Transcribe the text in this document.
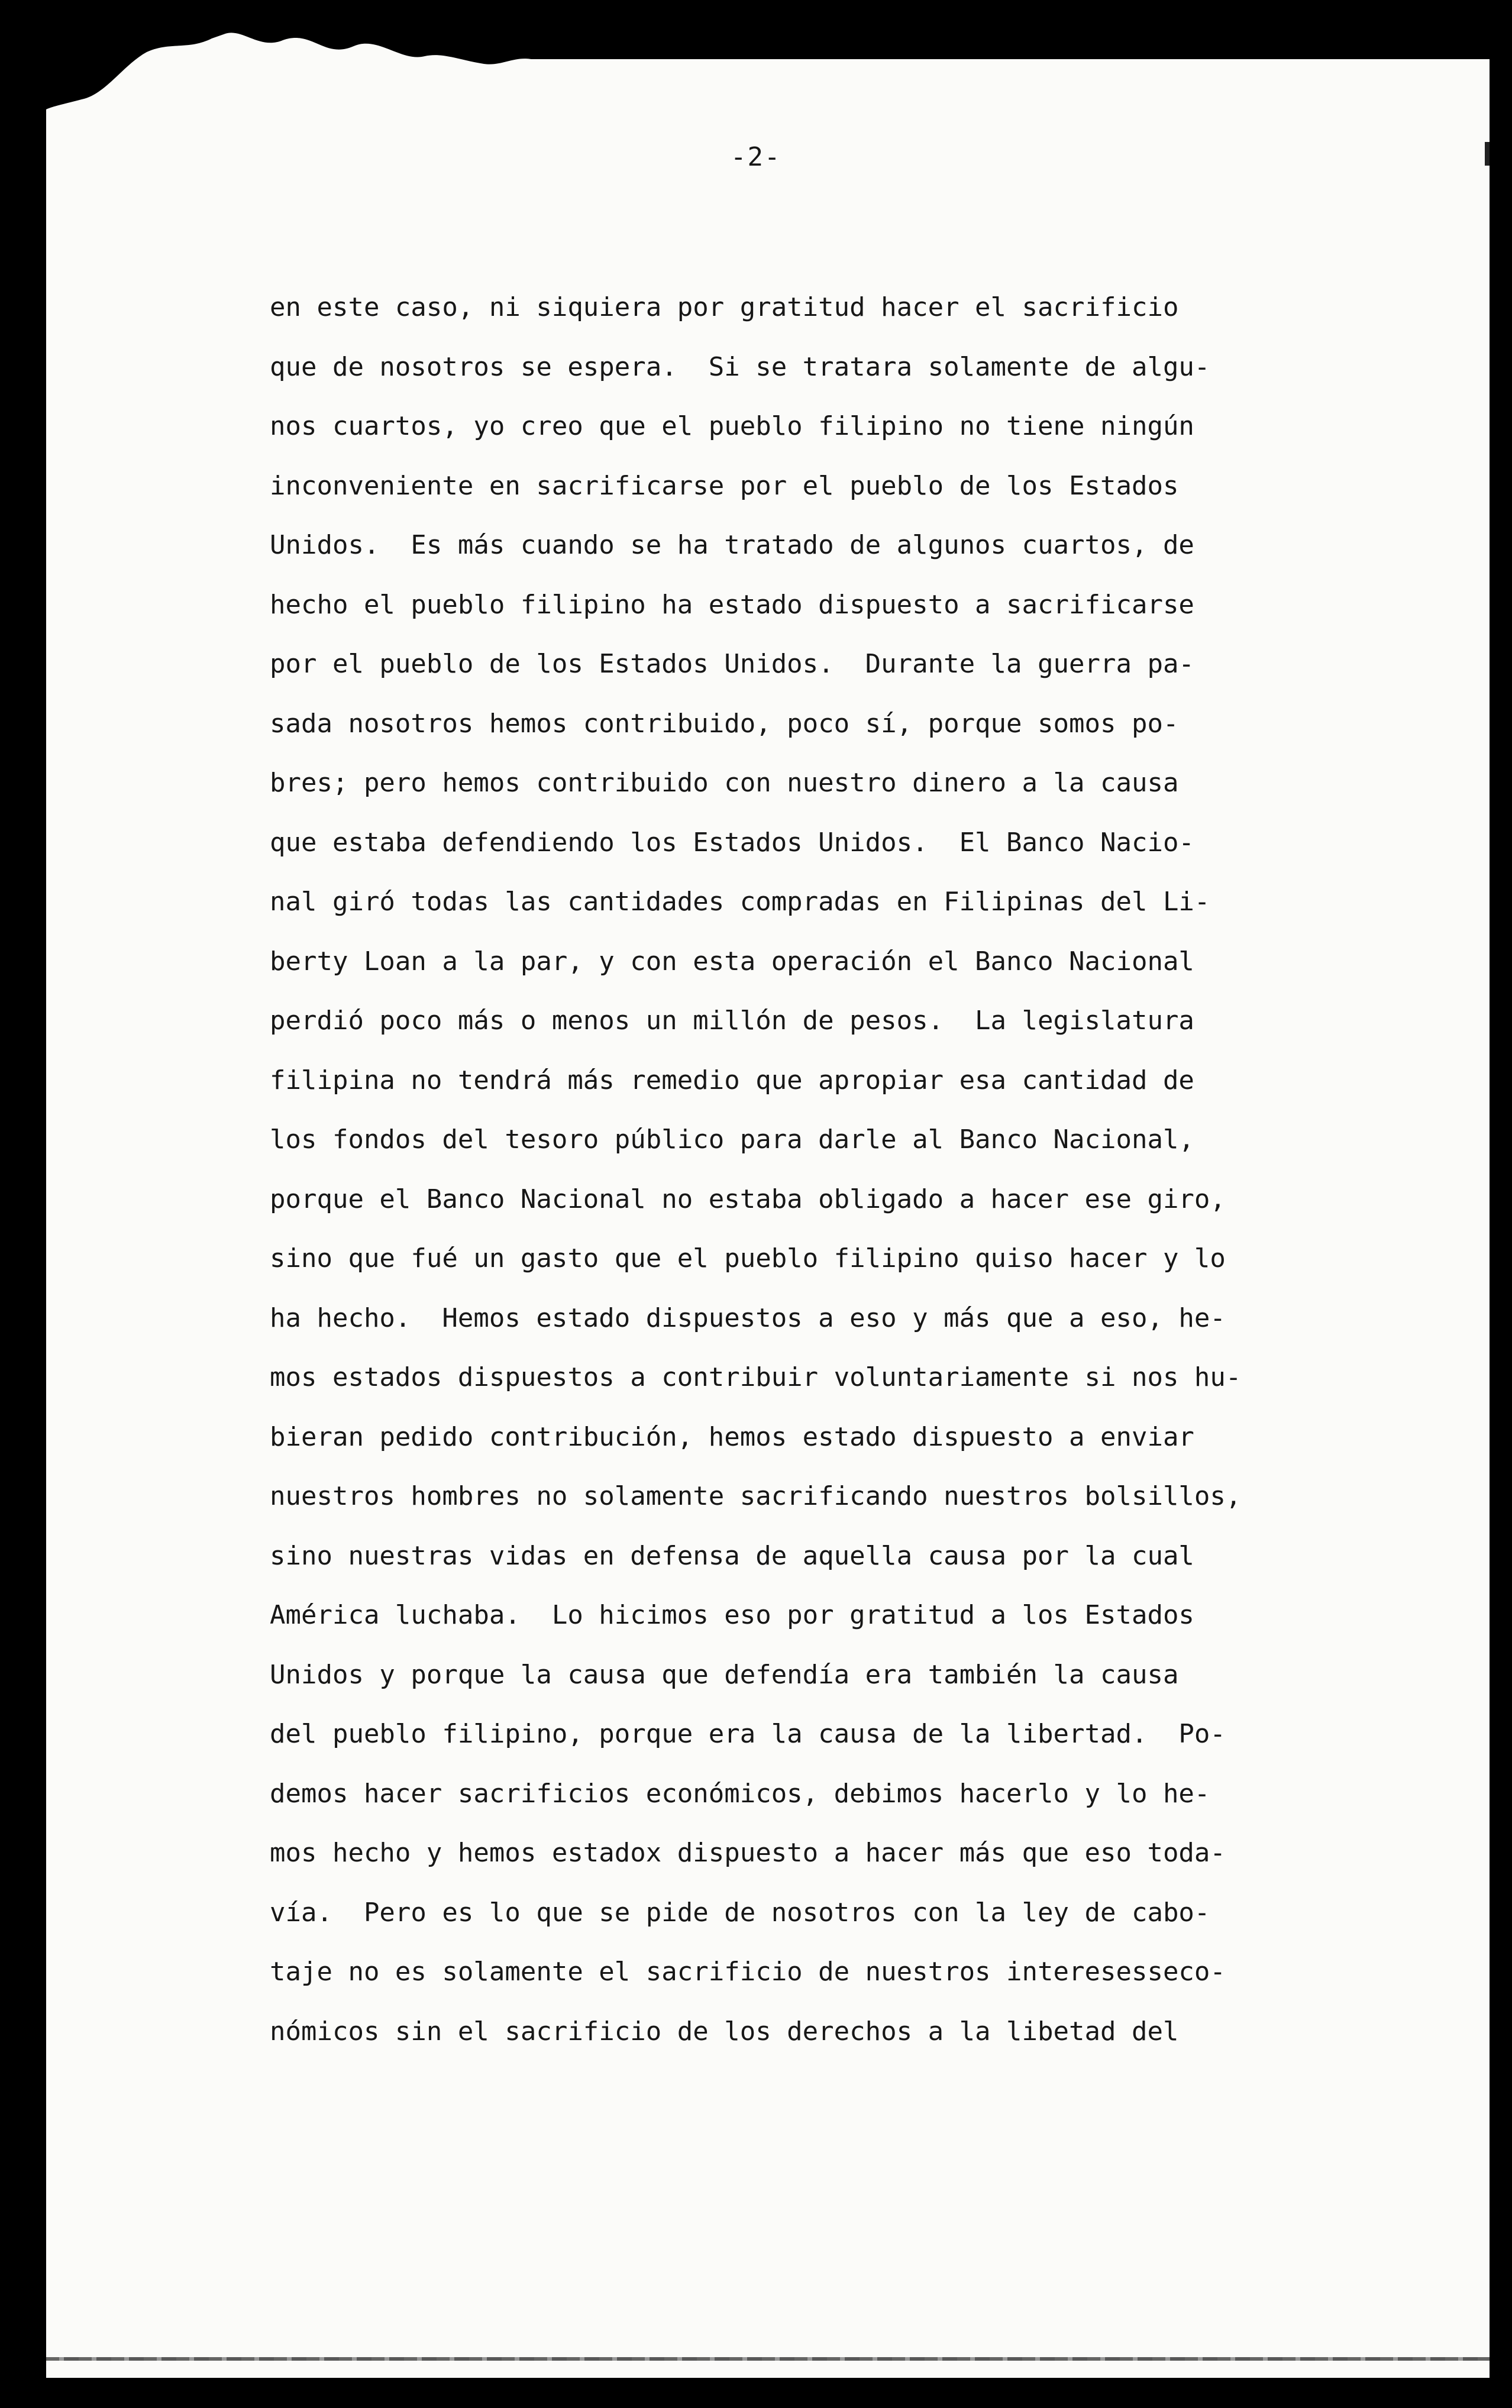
-2-
en este caso, ni siquiera por gratitud hacer el sacrificio
que de nosotros se espera.  Si se tratara solamente de algu-
nos cuartos, yo creo que el pueblo filipino no tiene ningún
inconveniente en sacrificarse por el pueblo de los Estados
Unidos.  Es más cuando se ha tratado de algunos cuartos, de
hecho el pueblo filipino ha estado dispuesto a sacrificarse
por el pueblo de los Estados Unidos.  Durante la guerra pa-
sada nosotros hemos contribuido, poco sí, porque somos po-
bres; pero hemos contribuido con nuestro dinero a la causa
que estaba defendiendo los Estados Unidos.  El Banco Nacio-
nal giró todas las cantidades compradas en Filipinas del Li-
berty Loan a la par, y con esta operación el Banco Nacional
perdió poco más o menos un millón de pesos.  La legislatura
filipina no tendrá más remedio que apropiar esa cantidad de
los fondos del tesoro público para darle al Banco Nacional,
porque el Banco Nacional no estaba obligado a hacer ese giro,
sino que fué un gasto que el pueblo filipino quiso hacer y lo
ha hecho.  Hemos estado dispuestos a eso y más que a eso, he-
mos estados dispuestos a contribuir voluntariamente si nos hu-
bieran pedido contribución, hemos estado dispuesto a enviar
nuestros hombres no solamente sacrificando nuestros bolsillos,
sino nuestras vidas en defensa de aquella causa por la cual
América luchaba.  Lo hicimos eso por gratitud a los Estados
Unidos y porque la causa que defendía era también la causa
del pueblo filipino, porque era la causa de la libertad.  Po-
demos hacer sacrificios económicos, debimos hacerlo y lo he-
mos hecho y hemos estadox dispuesto a hacer más que eso toda-
vía.  Pero es lo que se pide de nosotros con la ley de cabo-
taje no es solamente el sacrificio de nuestros interesesseco-
nómicos sin el sacrificio de los derechos a la libetad del
